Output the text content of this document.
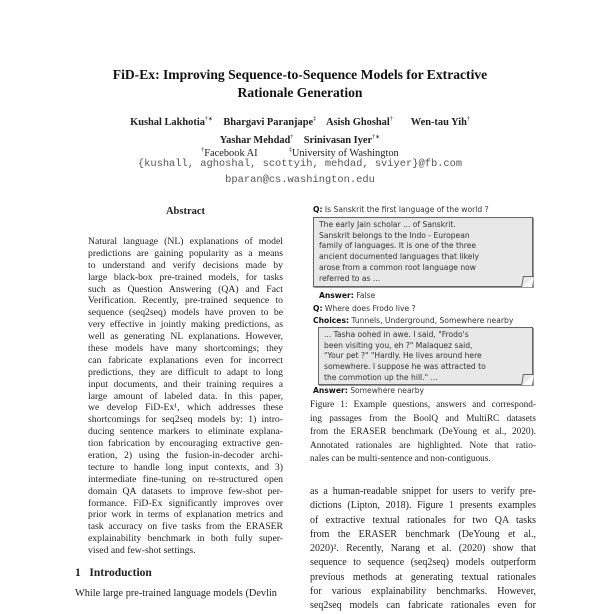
FiD-Ex: Improving Sequence-to-Sequence Models for Extractive
Rationale Generation
Kushal Lakhotia†∗ Bhargavi Paranjape‡ Asish Ghoshal† Wen-tau Yih†
Yashar Mehdad† Srinivasan Iyer†∗
†Facebook AI	‡University of Washington
{kushall, aghoshal, scottyih, mehdad, sviyer}@fb.com
bparan@cs.washington.edu
Abstract
Natural language (NL) explanations of model
predictions are gaining popularity as a means
to understand and verify decisions made by
large black-box pre-trained models, for tasks
such as Question Answering (QA) and Fact
Verification. Recently, pre-trained sequence to
sequence (seq2seq) models have proven to be
very effective in jointly making predictions, as
well as generating NL explanations. However,
these models have many shortcomings; they
can fabricate explanations even for incorrect
predictions, they are difficult to adapt to long
input documents, and their training requires a
large amount of labeled data. In this paper,
we develop FiD-Ex¹, which addresses these
shortcomings for seq2seq models by: 1) intro-
ducing sentence markers to eliminate explana-
tion fabrication by encouraging extractive gen-
eration, 2) using the fusion-in-decoder archi-
tecture to handle long input contexts, and 3)
intermediate fine-tuning on re-structured open
domain QA datasets to improve few-shot per-
formance. FiD-Ex significantly improves over
prior work in terms of explanation metrics and
task accuracy on five tasks from the ERASER
explainability benchmark in both fully super-
vised and few-shot settings.
1 Introduction
While large pre-trained language models (Devlin
Q: Is Sanskrit the first language of the world ?
The early Jain scholar ... of Sanskrit.
Sanskrit belongs to the Indo - European
family of languages. It is one of the three
ancient documented languages that likely
arose from a common root language now
referred to as ...
Answer: False
Q: Where does Frodo live ?
Choices: Tunnels, Underground, Somewhere nearby
... Tasha oohed in awe. I said, "Frodo's
been visiting you, eh ?" Malaquez said,
"Your pet ?" "Hardly. He lives around here
somewhere. I suppose he was attracted to
the commotion up the hill." ...
Answer: Somewhere nearby
Figure 1: Example questions, answers and correspond-
ing passages from the BoolQ and MultiRC datasets
from the ERASER benchmark (DeYoung et al., 2020).
Annotated rationales are highlighted. Note that ratio-
nales can be multi-sentence and non-contiguous.
as a human-readable snippet for users to verify pre-
dictions (Lipton, 2018). Figure 1 presents examples
of extractive textual rationales for two QA tasks
from the ERASER benchmark (DeYoung et al.,
2020)². Recently, Narang et al. (2020) show that
sequence to sequence (seq2seq) models outperform
previous methods at generating textual rationales
for various explainability benchmarks. However,
seq2seq models can fabricate rationales even for
